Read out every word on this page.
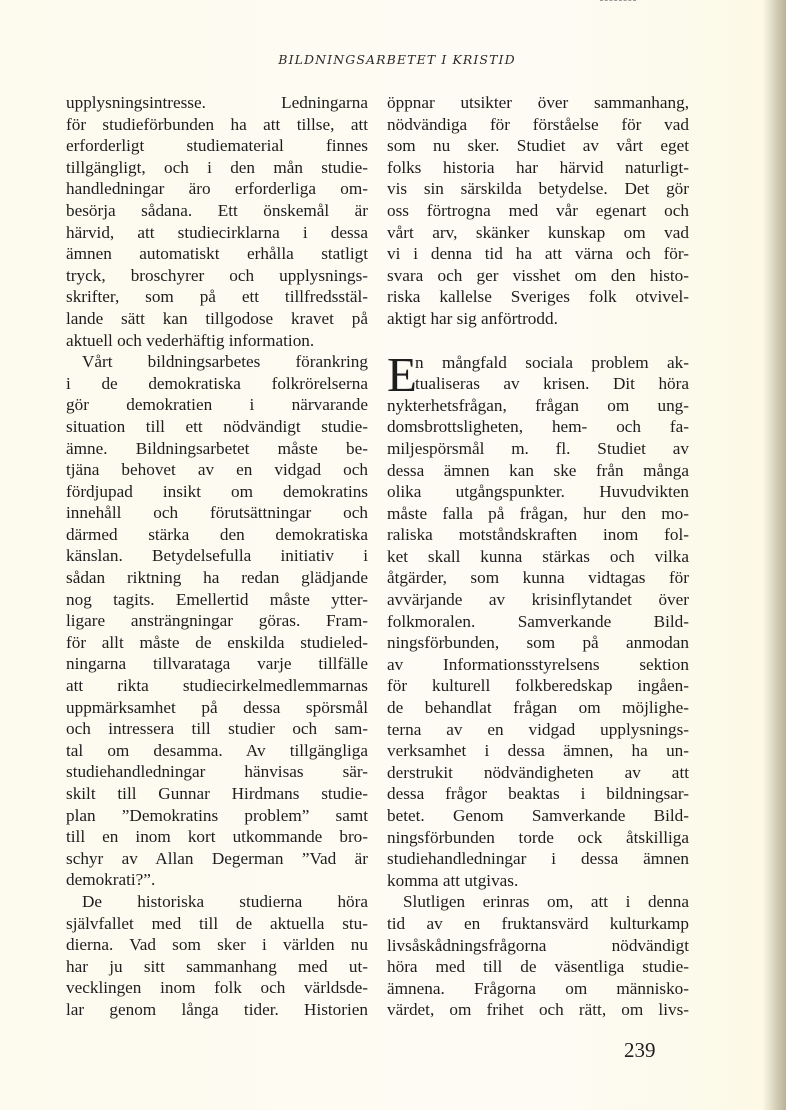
BILDNINGSARBETET I KRISTID
upplysningsintresse. Ledningarna
för studieförbunden ha att tillse, att
erforderligt studiematerial finnes
tillgängligt, och i den mån studie-
handledningar äro erforderliga om-
besörja sådana. Ett önskemål är
härvid, att studiecirklarna i dessa
ämnen automatiskt erhålla statligt
tryck, broschyrer och upplysnings-
skrifter, som på ett tillfredsstäl-
lande sätt kan tillgodose kravet på
aktuell och vederhäftig information.
Vårt bildningsarbetes förankring
i de demokratiska folkrörelserna
gör demokratien i närvarande
situation till ett nödvändigt studie-
ämne. Bildningsarbetet måste be-
tjäna behovet av en vidgad och
fördjupad insikt om demokratins
innehåll och förutsättningar och
därmed stärka den demokratiska
känslan. Betydelsefulla initiativ i
sådan riktning ha redan glädjande
nog tagits. Emellertid måste ytter-
ligare ansträngningar göras. Fram-
för allt måste de enskilda studieled-
ningarna tillvarataga varje tillfälle
att rikta studiecirkelmedlemmarnas
uppmärksamhet på dessa spörsmål
och intressera till studier och sam-
tal om desamma. Av tillgängliga
studiehandledningar hänvisas sär-
skilt till Gunnar Hirdmans studie-
plan ”Demokratins problem” samt
till en inom kort utkommande bro-
schyr av Allan Degerman ”Vad är
demokrati?”.
De historiska studierna höra
självfallet med till de aktuella stu-
dierna. Vad som sker i världen nu
har ju sitt sammanhang med ut-
vecklingen inom folk och världsde-
lar genom långa tider. Historien
öppnar utsikter över sammanhang,
nödvändiga för förståelse för vad
som nu sker. Studiet av vårt eget
folks historia har härvid naturligt-
vis sin särskilda betydelse. Det gör
oss förtrogna med vår egenart och
vårt arv, skänker kunskap om vad
vi i denna tid ha att värna och för-
svara och ger visshet om den histo-
riska kallelse Sveriges folk otvivel-
aktigt har sig anförtrodd.
E
n mångfald sociala problem ak-
tualiseras av krisen. Dit höra
nykterhetsfrågan, frågan om ung-
domsbrottsligheten, hem- och fa-
miljespörsmål m. fl. Studiet av
dessa ämnen kan ske från många
olika utgångspunkter. Huvudvikten
måste falla på frågan, hur den mo-
raliska motståndskraften inom fol-
ket skall kunna stärkas och vilka
åtgärder, som kunna vidtagas för
avvärjande av krisinflytandet över
folkmoralen. Samverkande Bild-
ningsförbunden, som på anmodan
av Informationsstyrelsens sektion
för kulturell folkberedskap ingåen-
de behandlat frågan om möjlighe-
terna av en vidgad upplysnings-
verksamhet i dessa ämnen, ha un-
derstrukit nödvändigheten av att
dessa frågor beaktas i bildningsar-
betet. Genom Samverkande Bild-
ningsförbunden torde ock åtskilliga
studiehandledningar i dessa ämnen
komma att utgivas.
Slutligen erinras om, att i denna
tid av en fruktansvärd kulturkamp
livsåskådningsfrågorna nödvändigt
höra med till de väsentliga studie-
ämnena. Frågorna om människo-
värdet, om frihet och rätt, om livs-
239
